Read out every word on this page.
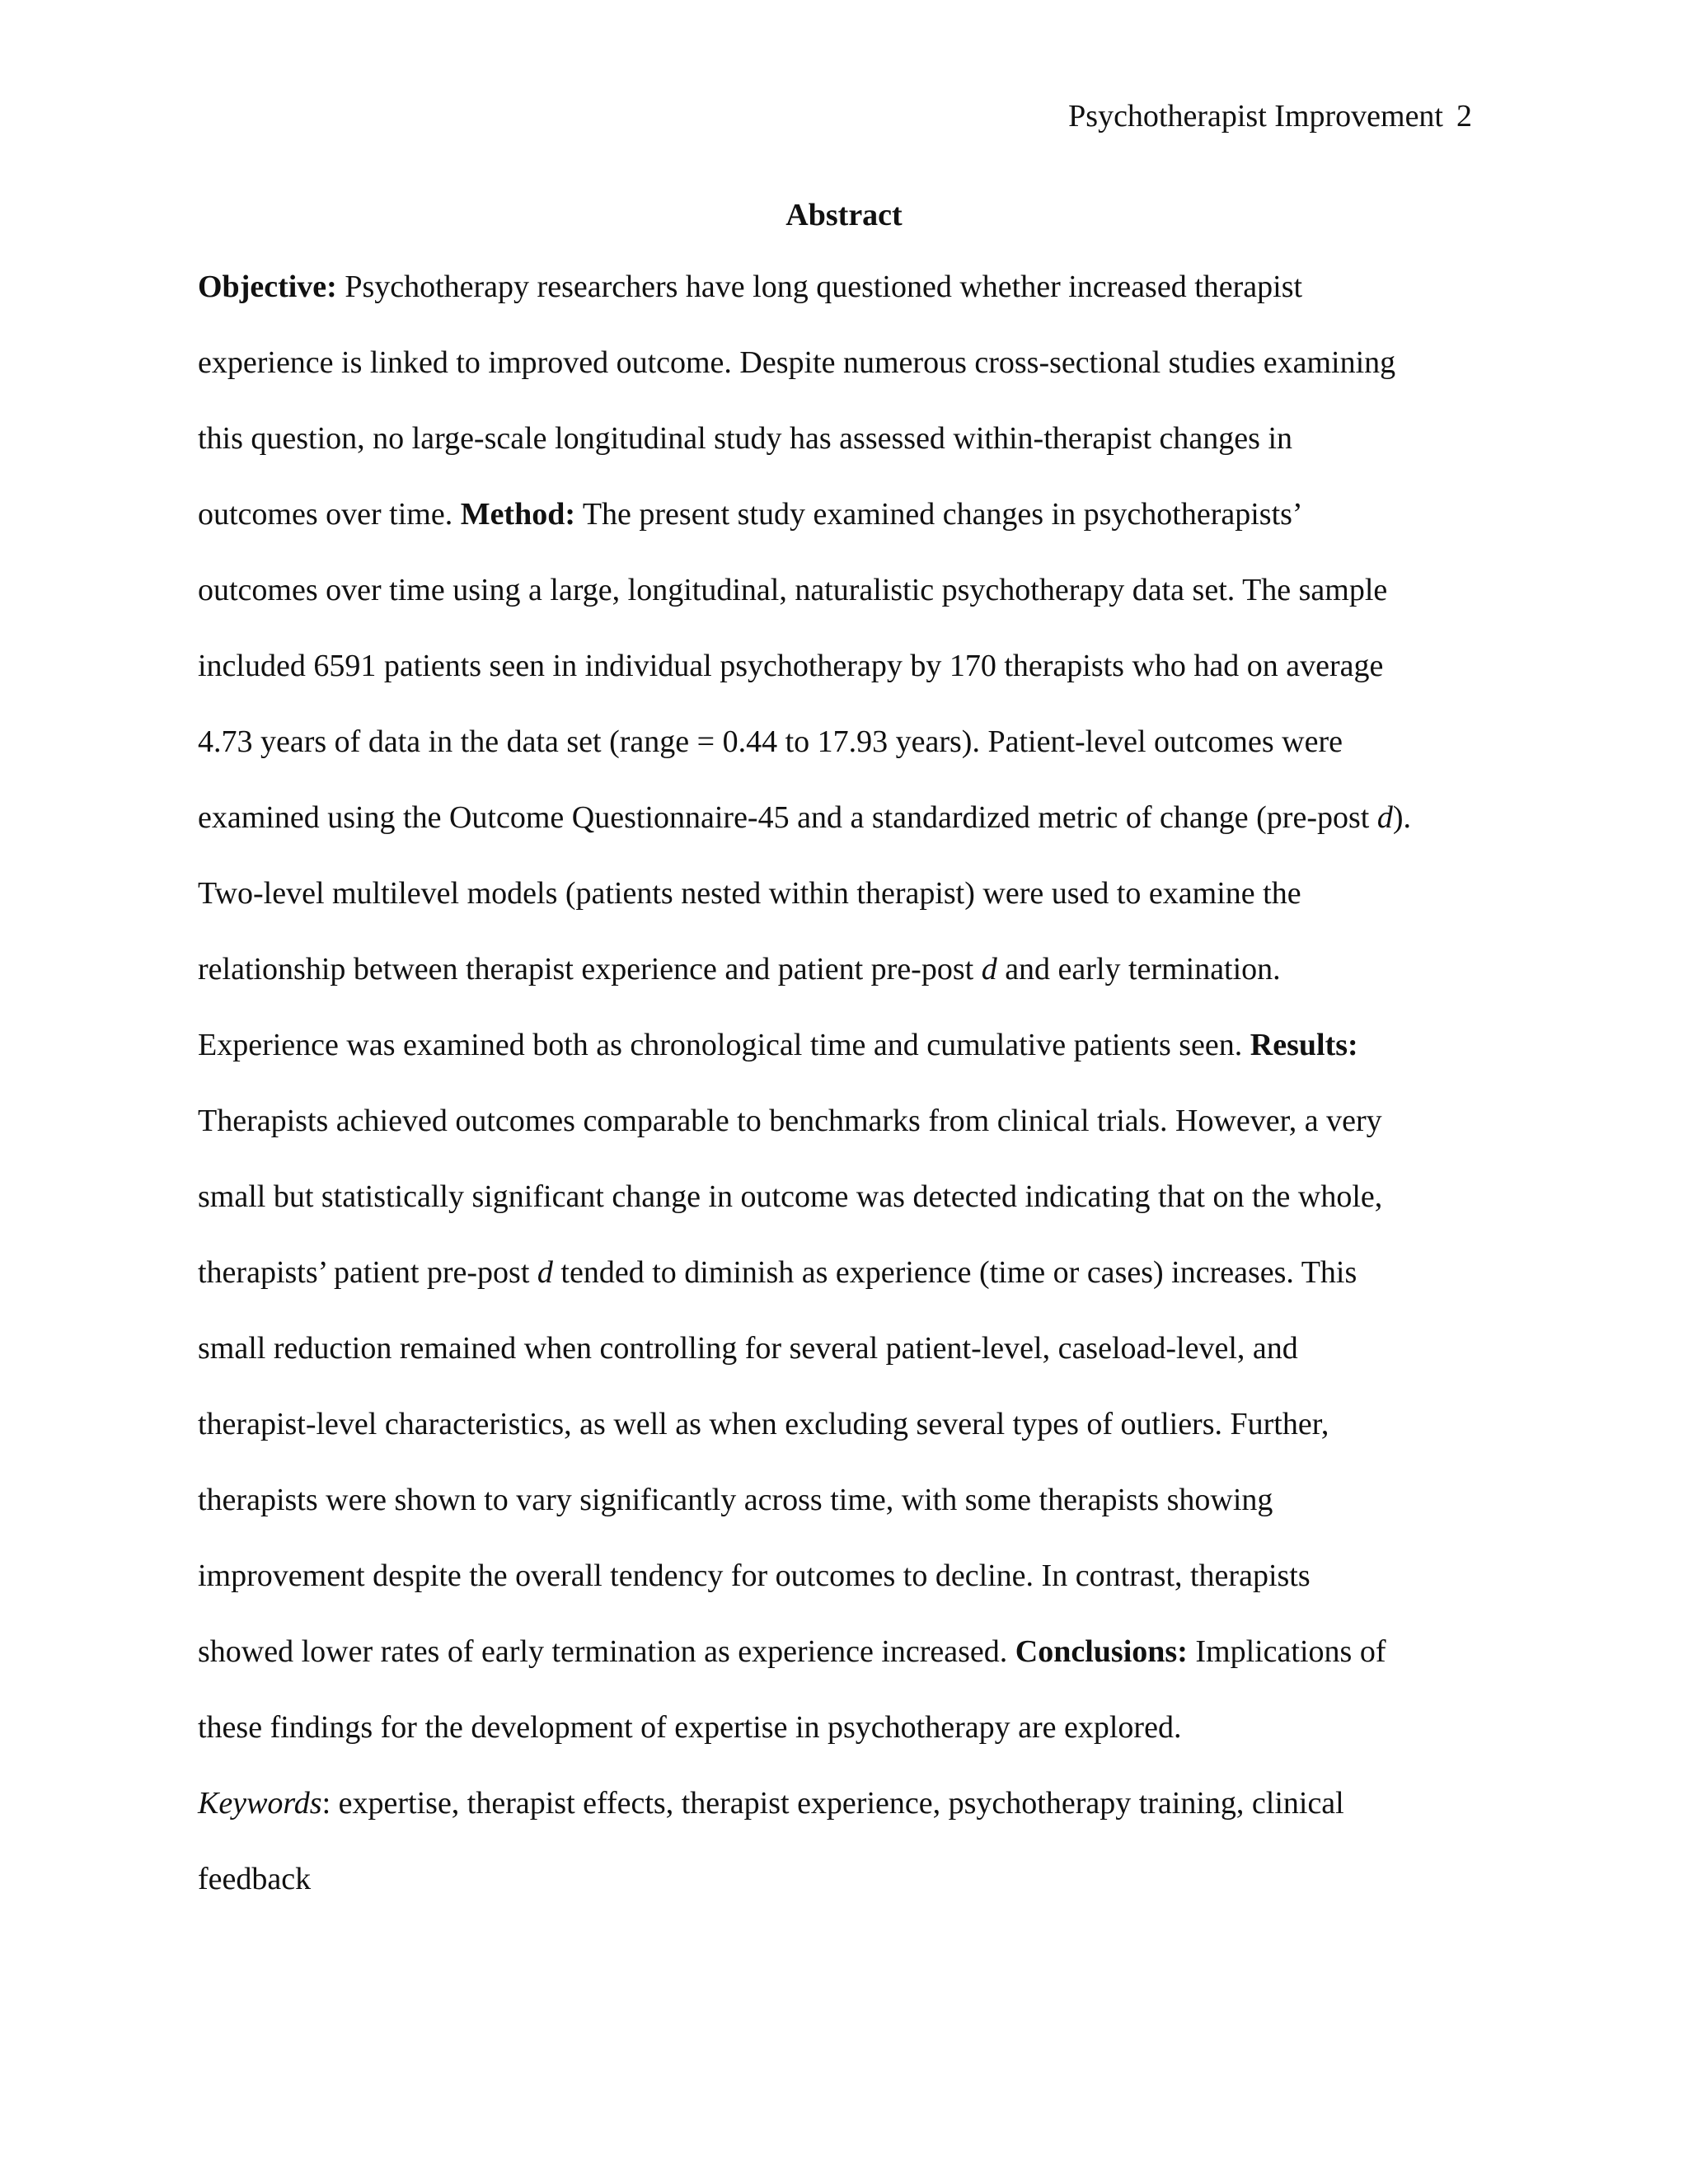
Psychotherapist Improvement 2
Abstract
Objective: Psychotherapy researchers have long questioned whether increased therapist
experience is linked to improved outcome. Despite numerous cross-sectional studies examining
this question, no large-scale longitudinal study has assessed within-therapist changes in
outcomes over time. Method: The present study examined changes in psychotherapists’
outcomes over time using a large, longitudinal, naturalistic psychotherapy data set. The sample
included 6591 patients seen in individual psychotherapy by 170 therapists who had on average
4.73 years of data in the data set (range = 0.44 to 17.93 years). Patient-level outcomes were
examined using the Outcome Questionnaire-45 and a standardized metric of change (pre-post d).
Two-level multilevel models (patients nested within therapist) were used to examine the
relationship between therapist experience and patient pre-post d and early termination.
Experience was examined both as chronological time and cumulative patients seen. Results:
Therapists achieved outcomes comparable to benchmarks from clinical trials. However, a very
small but statistically significant change in outcome was detected indicating that on the whole,
therapists’ patient pre-post d tended to diminish as experience (time or cases) increases. This
small reduction remained when controlling for several patient-level, caseload-level, and
therapist-level characteristics, as well as when excluding several types of outliers. Further,
therapists were shown to vary significantly across time, with some therapists showing
improvement despite the overall tendency for outcomes to decline. In contrast, therapists
showed lower rates of early termination as experience increased. Conclusions: Implications of
these findings for the development of expertise in psychotherapy are explored.
Keywords: expertise, therapist effects, therapist experience, psychotherapy training, clinical
feedback
